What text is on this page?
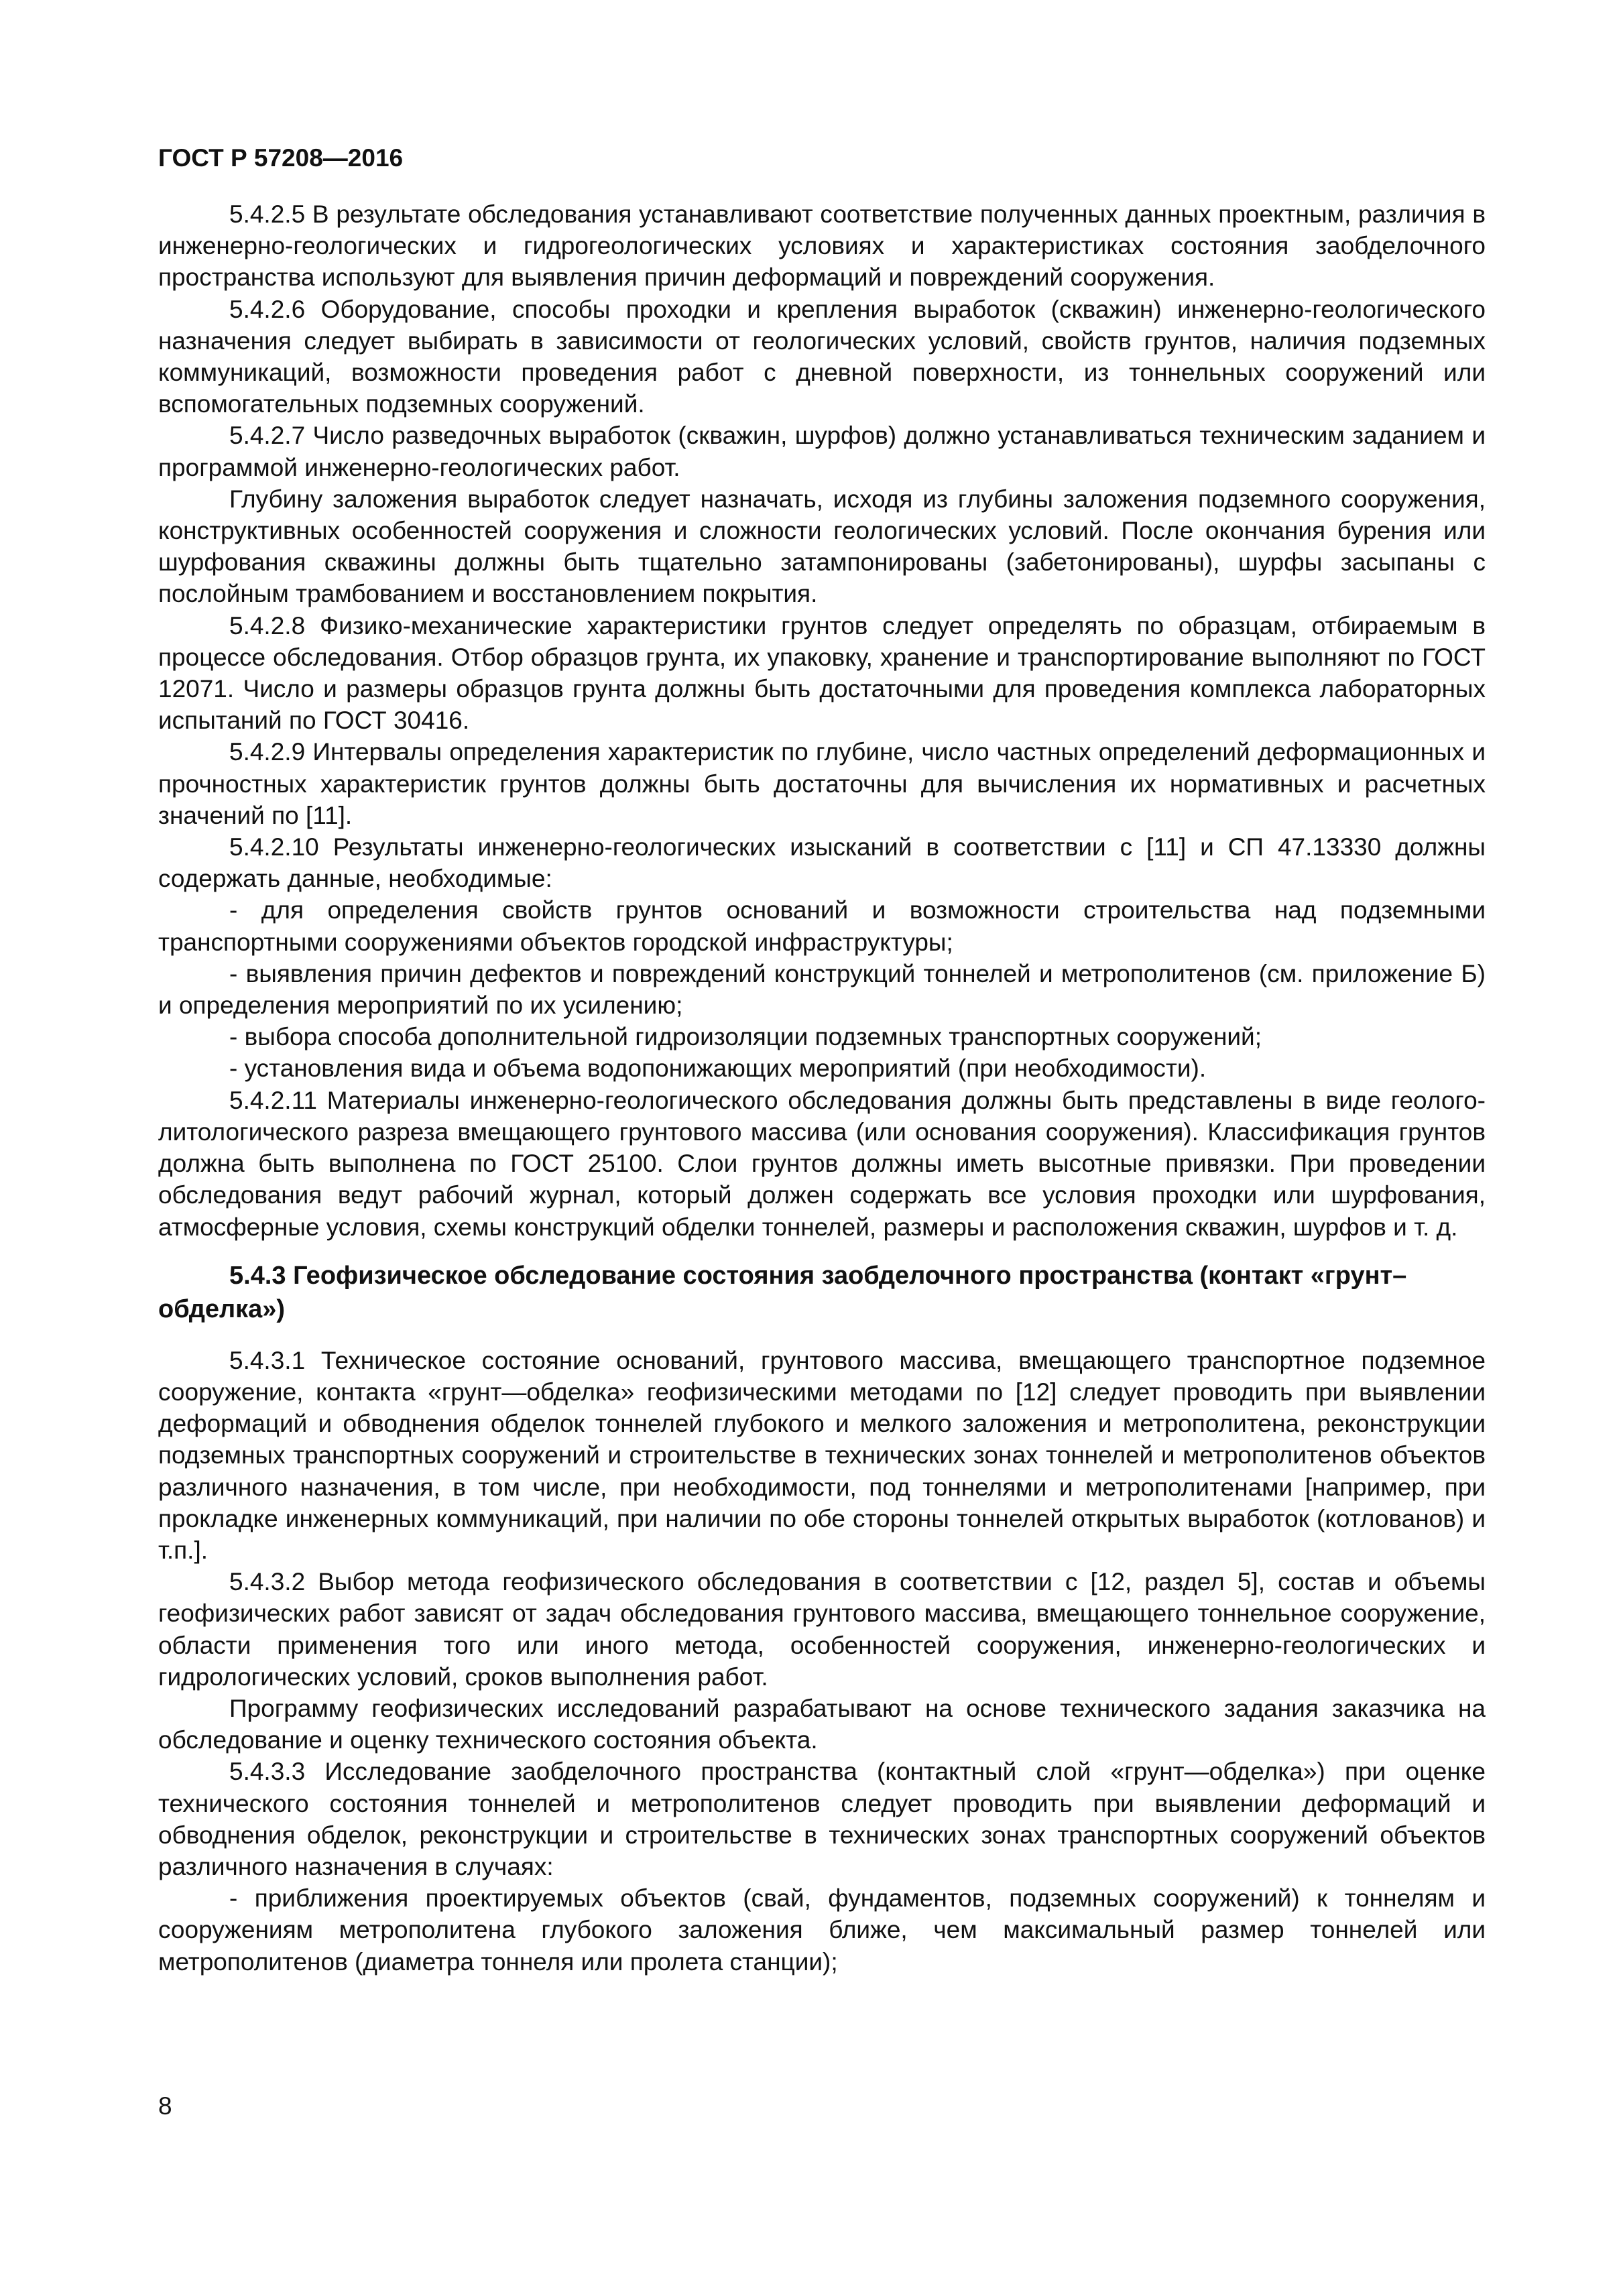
ГОСТ Р 57208—2016

5.4.2.5 В результате обследования устанавливают соответствие полученных данных проектным, различия в инженерно-геологических и гидрогеологических условиях и характеристиках состояния заобделочного пространства используют для выявления причин деформаций и повреждений сооружения.

5.4.2.6 Оборудование, способы проходки и крепления выработок (скважин) инженерно-геологического назначения следует выбирать в зависимости от геологических условий, свойств грунтов, наличия подземных коммуникаций, возможности проведения работ с дневной поверхности, из тоннельных сооружений или вспомогательных подземных сооружений.

5.4.2.7 Число разведочных выработок (скважин, шурфов) должно устанавливаться техническим заданием и программой инженерно-геологических работ.

Глубину заложения выработок следует назначать, исходя из глубины заложения подземного сооружения, конструктивных особенностей сооружения и сложности геологических условий. После окончания бурения или шурфования скважины должны быть тщательно затампонированы (забетонированы), шурфы засыпаны с послойным трамбованием и восстановлением покрытия.

5.4.2.8 Физико-механические характеристики грунтов следует определять по образцам, отбираемым в процессе обследования. Отбор образцов грунта, их упаковку, хранение и транспортирование выполняют по ГОСТ 12071. Число и размеры образцов грунта должны быть достаточными для проведения комплекса лабораторных испытаний по ГОСТ 30416.

5.4.2.9 Интервалы определения характеристик по глубине, число частных определений деформационных и прочностных характеристик грунтов должны быть достаточны для вычисления их нормативных и расчетных значений по [11].

5.4.2.10 Результаты инженерно-геологических изысканий в соответствии с [11] и СП 47.13330 должны содержать данные, необходимые:

- для определения свойств грунтов оснований и возможности строительства над подземными транспортными сооружениями объектов городской инфраструктуры;

- выявления причин дефектов и повреждений конструкций тоннелей и метрополитенов (см. приложение Б) и определения мероприятий по их усилению;

- выбора способа дополнительной гидроизоляции подземных транспортных сооружений;

- установления вида и объема водопонижающих мероприятий (при необходимости).

5.4.2.11 Материалы инженерно-геологического обследования должны быть представлены в виде геолого-литологического разреза вмещающего грунтового массива (или основания сооружения). Классификация грунтов должна быть выполнена по ГОСТ 25100. Слои грунтов должны иметь высотные привязки. При проведении обследования ведут рабочий журнал, который должен содержать все условия проходки или шурфования, атмосферные условия, схемы конструкций обделки тоннелей, размеры и расположения скважин, шурфов и т. д.

5.4.3 Геофизическое обследование состояния заобделочного пространства (контакт «грунт–обделка»)

5.4.3.1 Техническое состояние оснований, грунтового массива, вмещающего транспортное подземное сооружение, контакта «грунт—обделка» геофизическими методами по [12] следует проводить при выявлении деформаций и обводнения обделок тоннелей глубокого и мелкого заложения и метрополитена, реконструкции подземных транспортных сооружений и строительстве в технических зонах тоннелей и метрополитенов объектов различного назначения, в том числе, при необходимости, под тоннелями и метрополитенами [например, при прокладке инженерных коммуникаций, при наличии по обе стороны тоннелей открытых выработок (котлованов) и т.п.].

5.4.3.2 Выбор метода геофизического обследования в соответствии с [12, раздел 5], состав и объемы геофизических работ зависят от задач обследования грунтового массива, вмещающего тоннельное сооружение, области применения того или иного метода, особенностей сооружения, инженерно-геологических и гидрологических условий, сроков выполнения работ.

Программу геофизических исследований разрабатывают на основе технического задания заказчика на обследование и оценку технического состояния объекта.

5.4.3.3 Исследование заобделочного пространства (контактный слой «грунт—обделка») при оценке технического состояния тоннелей и метрополитенов следует проводить при выявлении деформаций и обводнения обделок, реконструкции и строительстве в технических зонах транспортных сооружений объектов различного назначения в случаях:

- приближения проектируемых объектов (свай, фундаментов, подземных сооружений) к тоннелям и сооружениям метрополитена глубокого заложения ближе, чем максимальный размер тоннелей или метрополитенов (диаметра тоннеля или пролета станции);

8
